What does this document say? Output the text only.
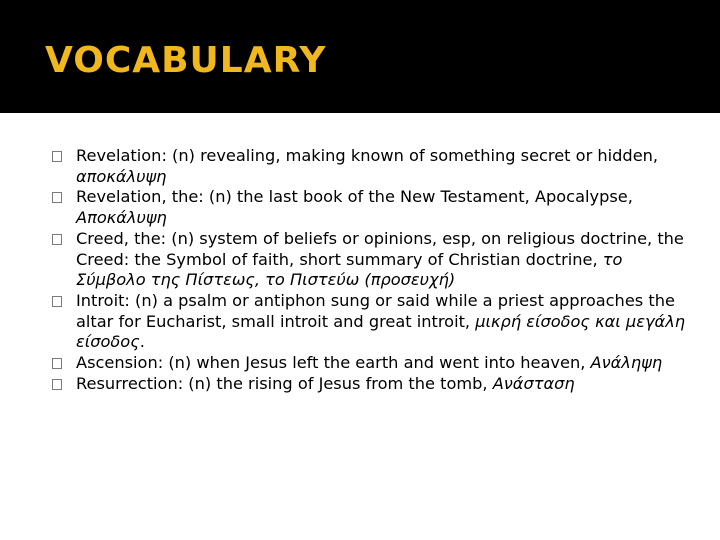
VOCABULARY
Revelation: (n) revealing, making known of something secret or hidden, αποκάλυψη
Revelation, the: (n) the last book of the New Testament, Apocalypse, Αποκάλυψη
Creed, the: (n) system of beliefs or opinions, esp, on religious doctrine, the Creed: the Symbol of faith, short summary of Christian doctrine, το Σύμβολο της Πίστεως, το Πιστεύω (προσευχή)
Introit: (n) a psalm or antiphon sung or said while a priest approaches the altar for Eucharist, small introit and great introit, μικρή είσοδος και μεγάλη είσοδος.
Ascension: (n) when Jesus left the earth and went into heaven, Ανάληψη
Resurrection: (n) the rising of Jesus from the tomb, Ανάσταση
